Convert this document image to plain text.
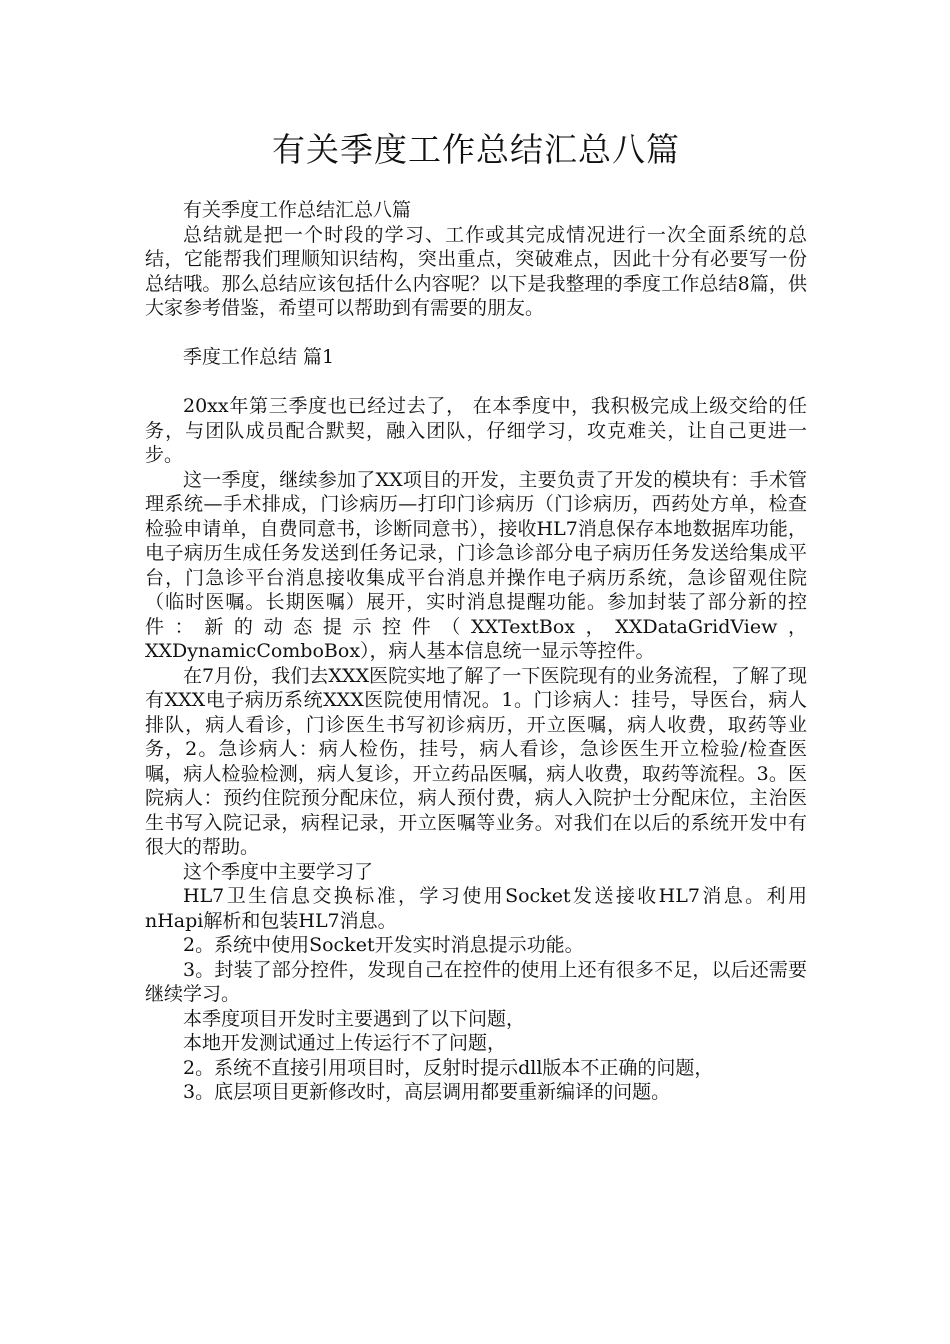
有关季度工作总结汇总八篇

有关季度工作总结汇总八篇

总结就是把一个时段的学习、工作或其完成情况进行一次全面系统的总结，它能帮我们理顺知识结构，突出重点，突破难点，因此十分有必要写一份总结哦。那么总结应该包括什么内容呢？以下是我整理的季度工作总结8篇，供大家参考借鉴，希望可以帮助到有需要的朋友。

季度工作总结 篇1

20xx年第三季度也已经过去了， 在本季度中，我积极完成上级交给的任务，与团队成员配合默契，融入团队，仔细学习，攻克难关，让自己更进一步。

这一季度，继续参加了XX项目的开发，主要负责了开发的模块有：手术管理系统—手术排成，门诊病历—打印门诊病历（门诊病历，西药处方单，检查检验申请单，自费同意书，诊断同意书），接收HL7消息保存本地数据库功能，电子病历生成任务发送到任务记录，门诊急诊部分电子病历任务发送给集成平台，门急诊平台消息接收集成平台消息并操作电子病历系统，急诊留观住院（临时医嘱。长期医嘱）展开，实时消息提醒功能。参加封装了部分新的控件：新的动态提示控件（XXTextBox，XXDataGridView，XXDynamicComboBox），病人基本信息统一显示等控件。

在7月份，我们去XXX医院实地了解了一下医院现有的业务流程，了解了现有XXX电子病历系统XXX医院使用情况。1。门诊病人：挂号，导医台，病人排队，病人看诊，门诊医生书写初诊病历，开立医嘱，病人收费，取药等业务，2。急诊病人：病人检伤，挂号，病人看诊，急诊医生开立检验/检查医嘱，病人检验检测，病人复诊，开立药品医嘱，病人收费，取药等流程。3。医院病人：预约住院预分配床位，病人预付费，病人入院护士分配床位，主治医生书写入院记录，病程记录，开立医嘱等业务。对我们在以后的系统开发中有很大的帮助。

这个季度中主要学习了

HL7卫生信息交换标准，学习使用Socket发送接收HL7消息。利用nHapi解析和包装HL7消息。

2。系统中使用Socket开发实时消息提示功能。

3。封装了部分控件，发现自己在控件的使用上还有很多不足，以后还需要继续学习。

本季度项目开发时主要遇到了以下问题，

本地开发测试通过上传运行不了问题，

2。系统不直接引用项目时，反射时提示dll版本不正确的问题，

3。底层项目更新修改时，高层调用都要重新编译的问题。
